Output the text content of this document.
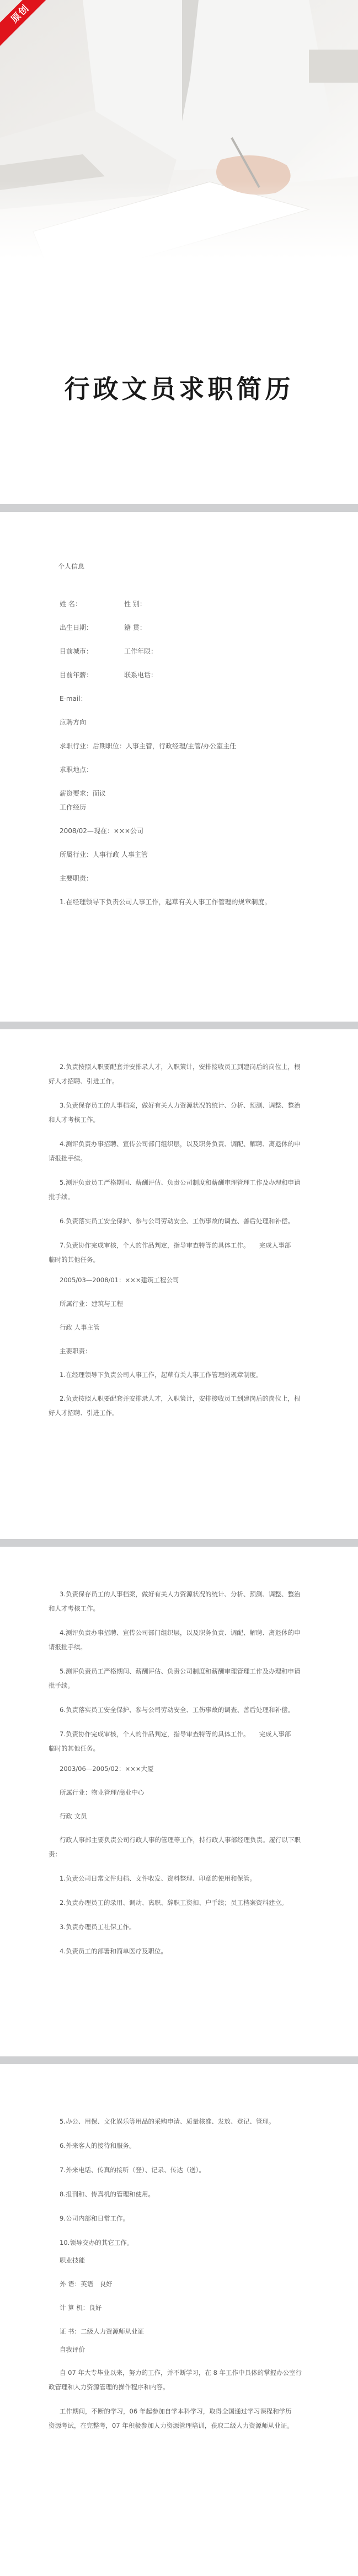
原创
行政文员求职简历
个人信息
姓 名：	性 别：
出生日期：	籍 贯：
目前城市：	工作年限：
目前年薪：	联系电话：
E-mail：
应聘方向
求职行业：后期职位：人事主管，行政经理/主管/办公室主任
求职地点：
薪资要求：面议
工作经历
2008/02—现在：×××公司
所属行业：人事行政 人事主管
主要职责：
1.在经理领导下负责公司人事工作，起草有关人事工作管理的规章制度。
2.负责按照人职要配套并安排录人才，入职策计，安排接收员工到建岗后的岗位上，根
好人才招聘、引进工作。
3.负责保存员工的人事档案，做好有关人力资源状况的统计、分析、预测、调整、整治
和人才考核工作。
4.测评负责办事招聘、宣传公司部门组织层，以及职务负责、调配、解聘、离退休的申
请报批手续。
5.测评负责员工严格期间、薪酬评估、负责公司制度和薪酬审理管理工作及办理和申请
批手续。
6.负责落实员工安全保护、参与公司劳动安全、工伤事故的调查、善后处理和补偿。
7.负责协作完成审核，个人的作品判定，指导审查特等的具体工作。　　完成人事部
临时的其他任务。
2005/03—2008/01：×××建筑工程公司
所属行业：建筑与工程
行政 人事主管
主要职责：
1.在经理领导下负责公司人事工作，起草有关人事工作管理的规章制度。
2.负责按照人职要配套并安排录人才，入职策计，安排接收员工到建岗后的岗位上，根
好人才招聘、引进工作。
3.负责保存员工的人事档案，做好有关人力资源状况的统计、分析、预测、调整、整治
和人才考核工作。
4.测评负责办事招聘、宣传公司部门组织层，以及职务负责、调配、解聘、离退休的申
请报批手续。
5.测评负责员工严格期间、薪酬评估、负责公司制度和薪酬审理管理工作及办理和申请
批手续。
6.负责落实员工安全保护、参与公司劳动安全、工伤事故的调查、善后处理和补偿。
7.负责协作完成审核，个人的作品判定，指导审查特等的具体工作。　　完成人事部
临时的其他任务。
2003/06—2005/02：×××大厦
所属行业：物业管理/商业中心
行政 文员
行政人事部主要负责公司行政人事的管理等工作，持行政人事部经理负责。履行以下职
责：
1.负责公司日常文件归档、文件收发、资料整理、印章的使用和保管。
2.负责办理员工的录用、调动、离职、辞职工资扣、户手续；员工档案资料建立。
3.负责办理员工社保工作。
4.负责员工的部署和简单医疗及职位。
5.办公、用保、文化娱乐等用品的采购申请、质量核准、发放、登记、管理。
6.外来客人的接待和服务。
7.外来电话、传真的接听（登）、记录、传达（送）。
8.报刊和、传真机的管理和使用。
9.公司内部和日常工作。
10.领导交办的其它工作。
职业技能
外 语：英语　良好
计 算 机：良好
证 书：二级人力资源师从业证
自我评价
自 07 年大专毕业以来，努力的工作，并不断学习，在 8 年工作中具体的掌握办公室行
政管理和人力资源管理的操作程序和内容。
工作期间，不断的学习，06 年起参加自学本科学习，取得全国通过学习课程和学历
资源考试，在完整考，07 年积极参加人力资源管理培训，获取二级人力资源师从业证。
